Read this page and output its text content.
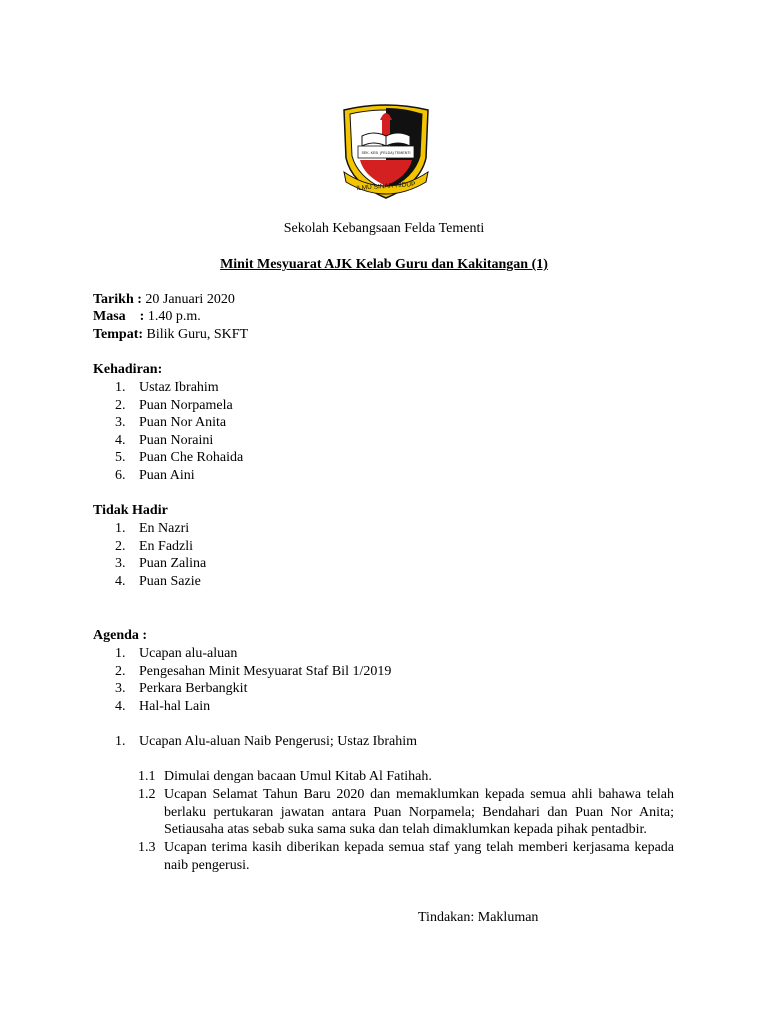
SEK. KEB. (FELDA) TEMENTI
ILMU SINAR HIDUP
Sekolah Kebangsaan Felda Tementi
Minit Mesyuarat AJK Kelab Guru dan Kakitangan (1)
Tarikh : 20 Januari 2020
Masa    : 1.40 p.m.
Tempat: Bilik Guru, SKFT
Kehadiran:
1. Ustaz Ibrahim
2. Puan Norpamela
3. Puan Nor Anita
4. Puan Noraini
5. Puan Che Rohaida
6. Puan Aini
Tidak Hadir
1. En Nazri
2. En Fadzli
3. Puan Zalina
4. Puan Sazie
Agenda :
1. Ucapan alu-aluan
2. Pengesahan Minit Mesyuarat Staf Bil 1/2019
3. Perkara Berbangkit
4. Hal-hal Lain
1. Ucapan Alu-aluan Naib Pengerusi; Ustaz Ibrahim
1.1 Dimulai dengan bacaan Umul Kitab Al Fatihah.
1.2 Ucapan Selamat Tahun Baru 2020 dan memaklumkan kepada semua ahli bahawa telah berlaku pertukaran jawatan antara Puan Norpamela; Bendahari dan Puan Nor Anita; Setiausaha atas sebab suka sama suka dan telah dimaklumkan kepada pihak pentadbir.
1.3 Ucapan terima kasih diberikan kepada semua staf yang telah memberi kerjasama kepada naib pengerusi.
Tindakan: Makluman
